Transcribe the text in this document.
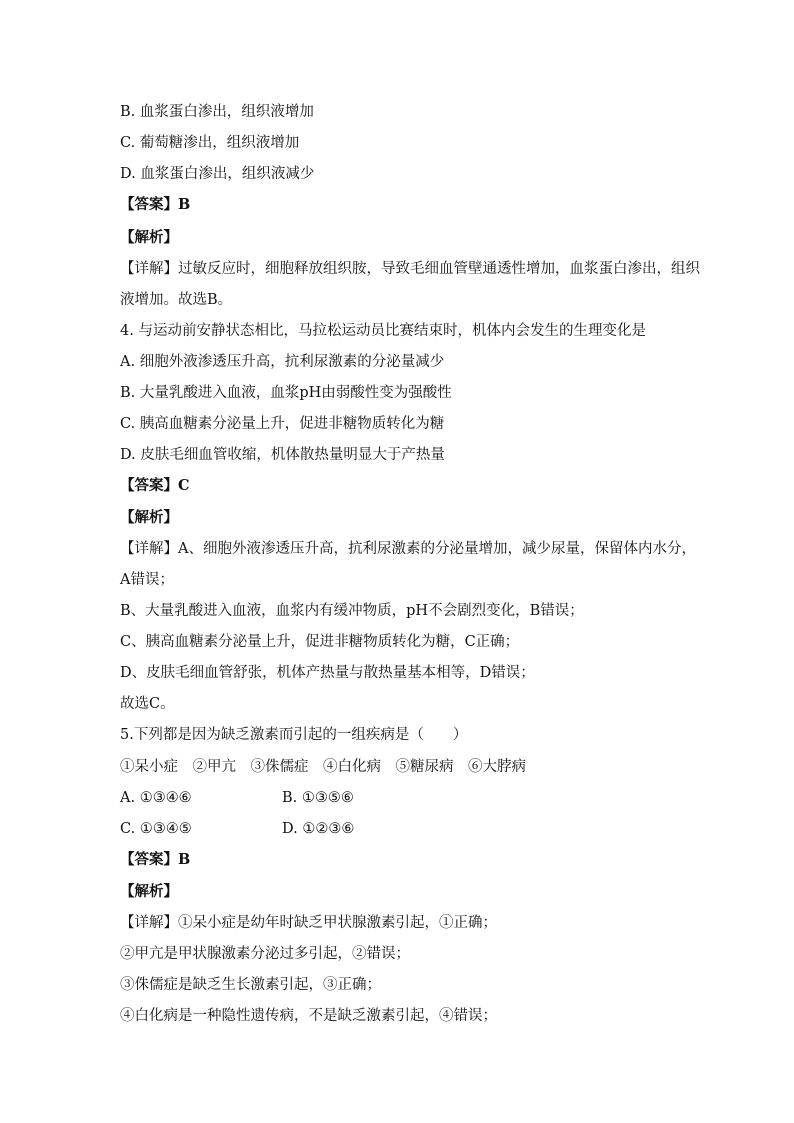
B. 血浆蛋白渗出，组织液增加
C. 葡萄糖渗出，组织液增加
D. 血浆蛋白渗出，组织液减少
【答案】B
【解析】
【详解】过敏反应时，细胞释放组织胺，导致毛细血管壁通透性增加，血浆蛋白渗出，组织
液增加。故选B。
4. 与运动前安静状态相比，马拉松运动员比赛结束时，机体内会发生的生理变化是
A. 细胞外液渗透压升高，抗利尿激素的分泌量减少
B. 大量乳酸进入血液，血浆pH由弱酸性变为强酸性
C. 胰高血糖素分泌量上升，促进非糖物质转化为糖
D. 皮肤毛细血管收缩，机体散热量明显大于产热量
【答案】C
【解析】
【详解】A、细胞外液渗透压升高，抗利尿激素的分泌量增加，减少尿量，保留体内水分，
A错误；
B、大量乳酸进入血液，血浆内有缓冲物质，pH不会剧烈变化，B错误；
C、胰高血糖素分泌量上升，促进非糖物质转化为糖，C正确；
D、皮肤毛细血管舒张，机体产热量与散热量基本相等，D错误；
故选C。
5.下列都是因为缺乏激素而引起的一组疾病是（　　）
①呆小症　②甲亢　③侏儒症　④白化病　⑤糖尿病　⑥大脖病
A. ①③④⑥	B. ①③⑤⑥
C. ①③④⑤	D. ①②③⑥
【答案】B
【解析】
【详解】①呆小症是幼年时缺乏甲状腺激素引起，①正确；
②甲亢是甲状腺激素分泌过多引起，②错误；
③侏儒症是缺乏生长激素引起，③正确；
④白化病是一种隐性遗传病，不是缺乏激素引起，④错误；
